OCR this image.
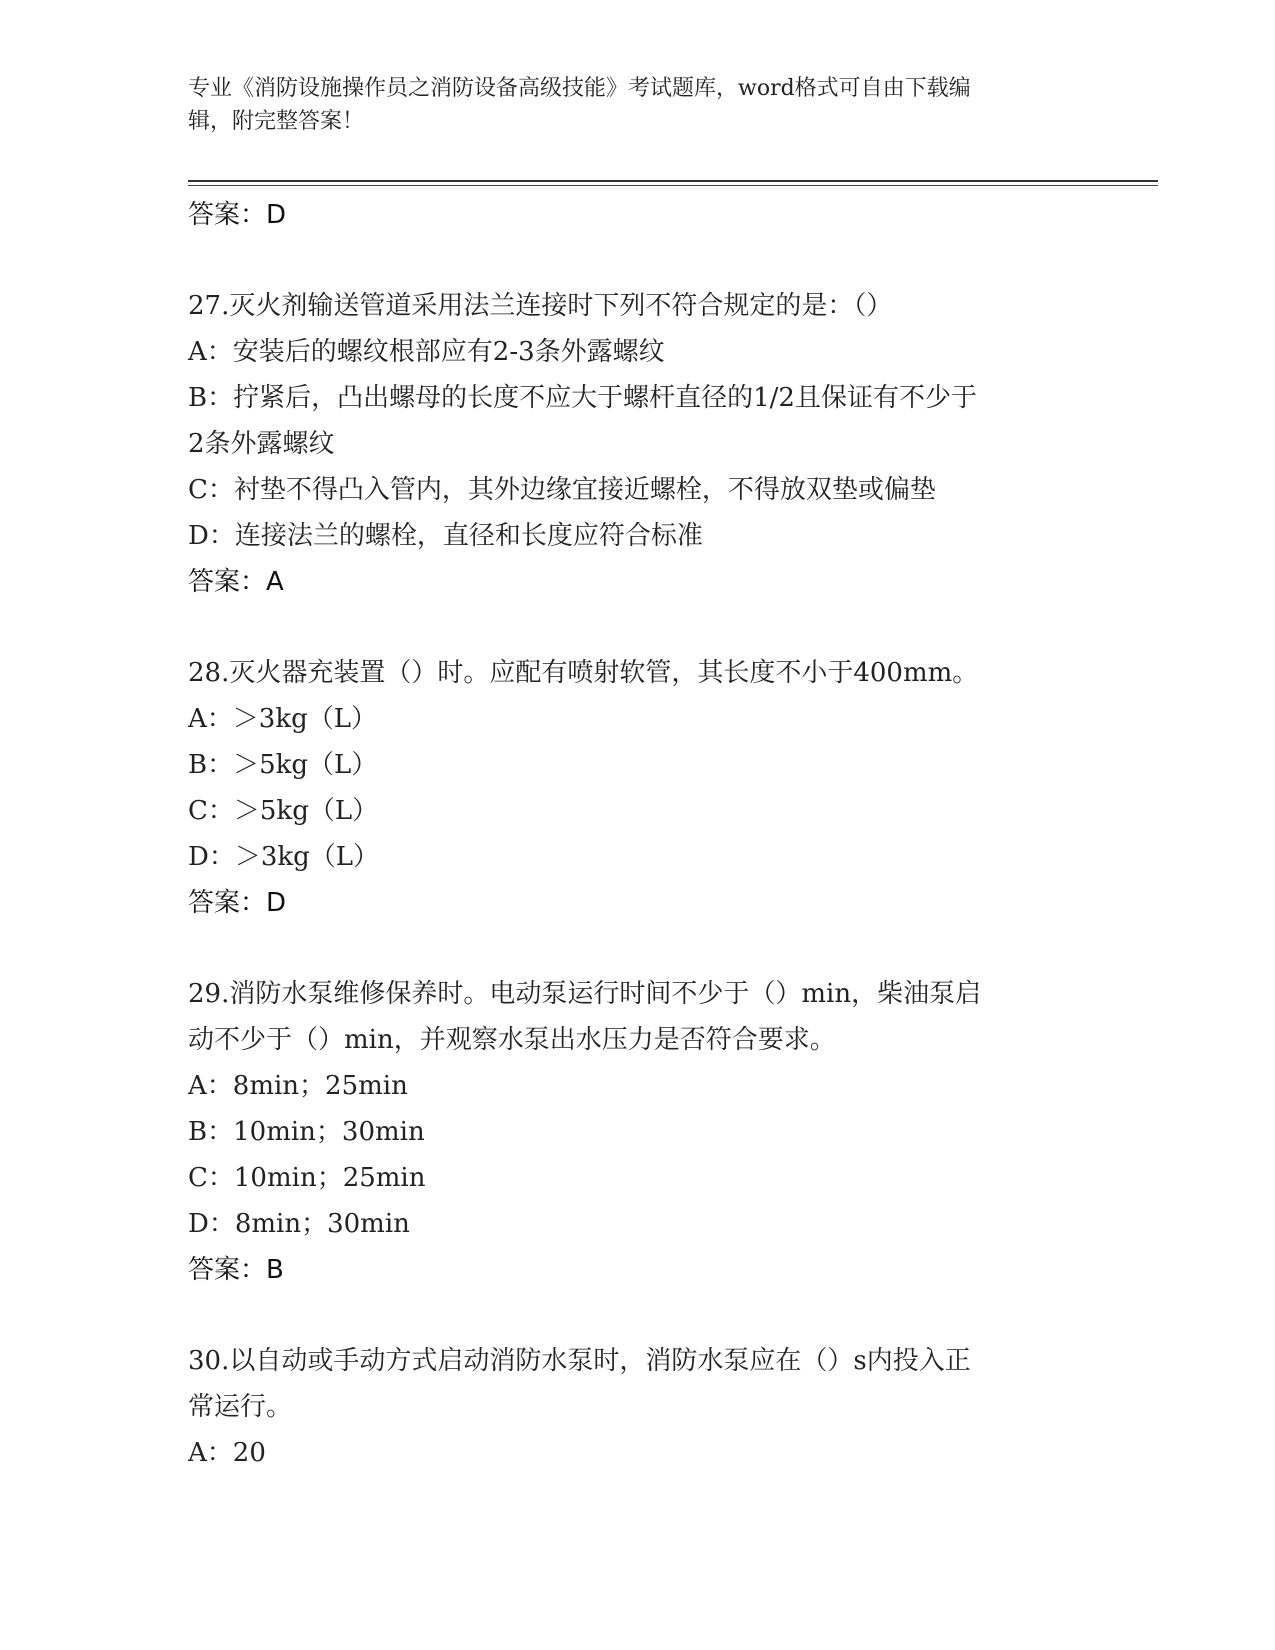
专业《消防设施操作员之消防设备高级技能》考试题库，word格式可自由下载编
辑，附完整答案！

答案：D

27.灭火剂输送管道采用法兰连接时下列不符合规定的是：（）

A：安装后的螺纹根部应有2-3条外露螺纹

B：拧紧后，凸出螺母的长度不应大于螺杆直径的1/2且保证有不少于

2条外露螺纹

C：衬垫不得凸入管内，其外边缘宜接近螺栓，不得放双垫或偏垫

D：连接法兰的螺栓，直径和长度应符合标准

答案：A

28.灭火器充装置（）时。应配有喷射软管，其长度不小于400mm。

A：＞3kg（L）

B：＞5kg（L）

C：＞5kg（L）

D：＞3kg（L）

答案：D

29.消防水泵维修保养时。电动泵运行时间不少于（）min，柴油泵启

动不少于（）min，并观察水泵出水压力是否符合要求。

A：8min；25min

B：10min；30min

C：10min；25min

D：8min；30min

答案：B

30.以自动或手动方式启动消防水泵时，消防水泵应在（）s内投入正

常运行。

A：20
